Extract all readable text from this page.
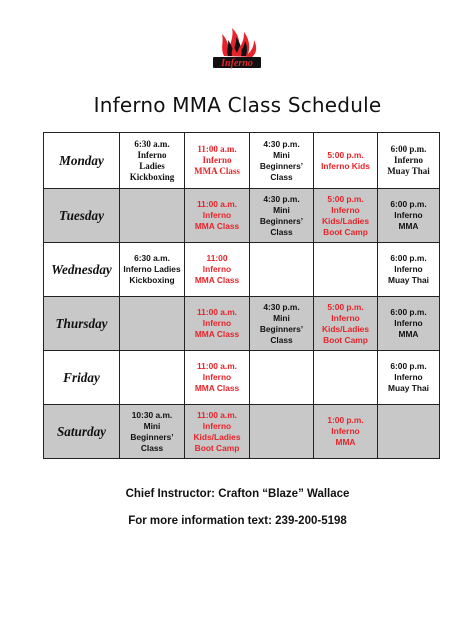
Inferno
Inferno MMA Class Schedule
Monday	6:30 a.m.
Inferno
Ladies
Kickboxing	11:00 a.m.
Inferno
MMA Class	4:30 p.m.
Mini
Beginners’
Class	5:00 p.m.
Inferno Kids	6:00 p.m.
Inferno
Muay Thai
Tuesday		11:00 a.m.
Inferno
MMA Class	4:30 p.m.
Mini
Beginners’
Class	5:00 p.m.
Inferno
Kids/Ladies
Boot Camp	6:00 p.m.
Inferno
MMA
Wednesday	6:30 a.m.
Inferno Ladies
Kickboxing	11:00
Inferno
MMA Class			6:00 p.m.
Inferno
Muay Thai
Thursday		11:00 a.m.
Inferno
MMA Class	4:30 p.m.
Mini
Beginners’
Class	5:00 p.m.
Inferno
Kids/Ladies
Boot Camp	6:00 p.m.
Inferno
MMA
Friday		11:00 a.m.
Inferno
MMA Class			6:00 p.m.
Inferno
Muay Thai
Saturday	10:30 a.m.
Mini
Beginners’
Class	11:00 a.m.
Inferno
Kids/Ladies
Boot Camp		1:00 p.m.
Inferno
MMA	
Chief Instructor: Crafton “Blaze” Wallace
For more information text: 239-200-5198
